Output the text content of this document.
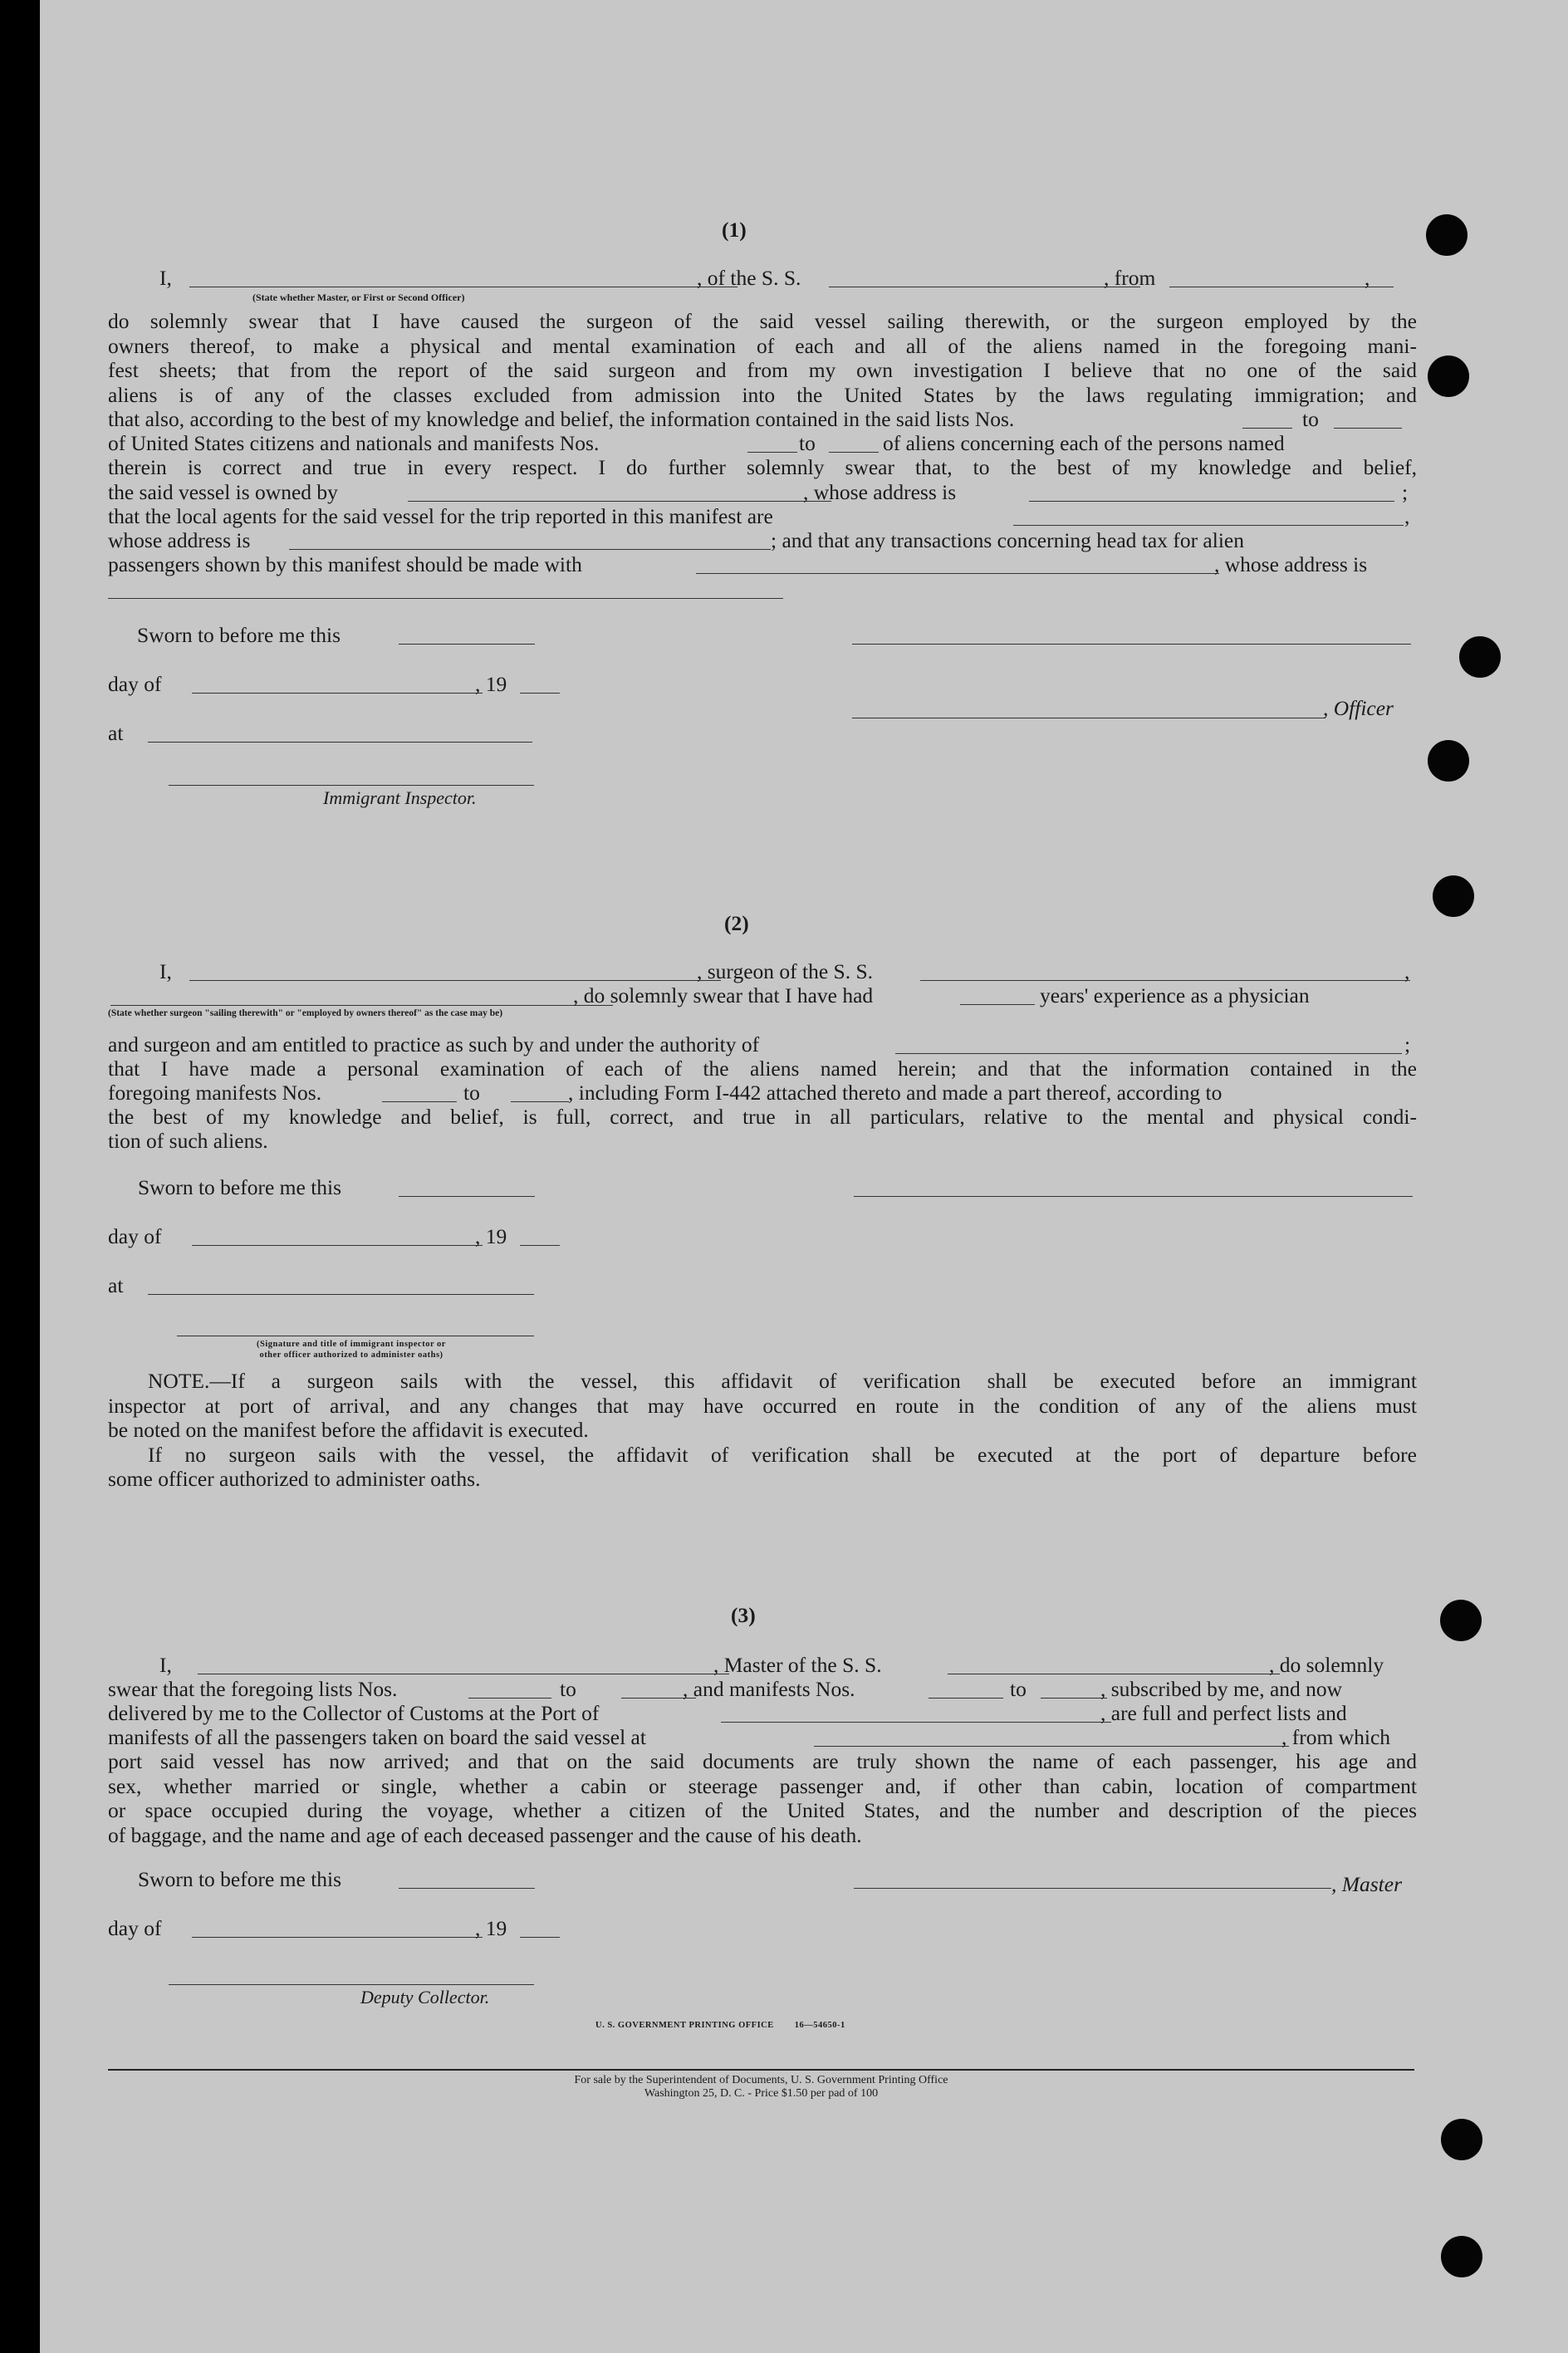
(1)
I,	, of the S. S.	, from	,
(State whether Master, or First or Second Officer)
do solemnly swear that I have caused the surgeon of the said vessel sailing therewith, or the surgeon employed by the
owners thereof, to make a physical and mental examination of each and all of the aliens named in the foregoing mani-
fest sheets; that from the report of the said surgeon and from my own investigation I believe that no one of the said
aliens is of any of the classes excluded from admission into the United States by the laws regulating immigration; and
that also, according to the best of my knowledge and belief, the information contained in the said lists Nos.	to
of United States citizens and nationals and manifests Nos.	to	of aliens concerning each of the persons named
therein is correct and true in every respect. I do further solemnly swear that, to the best of my knowledge and belief,
the said vessel is owned by	, whose address is	;
that the local agents for the said vessel for the trip reported in this manifest are	,
whose address is	; and that any transactions concerning head tax for alien
passengers shown by this manifest should be made with	, whose address is
Sworn to before me this
day of	, 19
, Officer
at
Immigrant Inspector.
(2)
I,	, surgeon of the S. S.	,
, do solemnly swear that I have had	years' experience as a physician
(State whether surgeon "sailing therewith" or "employed by owners thereof" as the case may be)
and surgeon and am entitled to practice as such by and under the authority of	;
that I have made a personal examination of each of the aliens named herein; and that the information contained in the
foregoing manifests Nos.	to	, including Form I-442 attached thereto and made a part thereof, according to
the best of my knowledge and belief, is full, correct, and true in all particulars, relative to the mental and physical condi-
tion of such aliens.
Sworn to before me this
day of	, 19
at
(Signature and title of immigrant inspector or
other officer authorized to administer oaths)
NOTE.—If a surgeon sails with the vessel, this affidavit of verification shall be executed before an immigrant
inspector at port of arrival, and any changes that may have occurred en route in the condition of any of the aliens must
be noted on the manifest before the affidavit is executed.
If no surgeon sails with the vessel, the affidavit of verification shall be executed at the port of departure before
some officer authorized to administer oaths.
(3)
I,	, Master of the S. S.	, do solemnly
swear that the foregoing lists Nos.	to	, and manifests Nos.	to	, subscribed by me, and now
delivered by me to the Collector of Customs at the Port of	, are full and perfect lists and
manifests of all the passengers taken on board the said vessel at	, from which
port said vessel has now arrived; and that on the said documents are truly shown the name of each passenger, his age and
sex, whether married or single, whether a cabin or steerage passenger and, if other than cabin, location of compartment
or space occupied during the voyage, whether a citizen of the United States, and the number and description of the pieces
of baggage, and the name and age of each deceased passenger and the cause of his death.
Sworn to before me this	, Master
day of	, 19
Deputy Collector.
U. S. GOVERNMENT PRINTING OFFICE        16—54650-1
For sale by the Superintendent of Documents, U. S. Government Printing Office
Washington 25, D. C. - Price $1.50 per pad of 100
